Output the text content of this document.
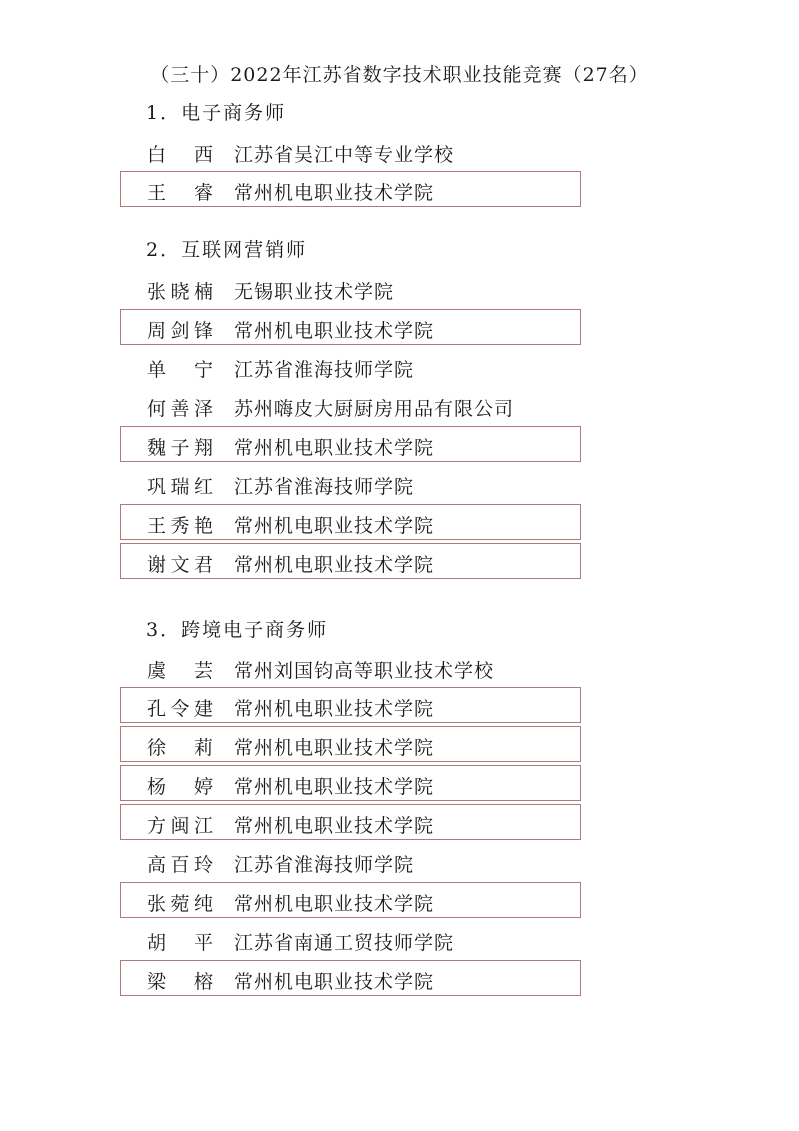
（三十）2022年江苏省数字技术职业技能竞赛（27名）
1．电子商务师
白西 江苏省吴江中等专业学校
王睿 常州机电职业技术学院
2．互联网营销师
张晓楠 无锡职业技术学院
周剑锋 常州机电职业技术学院
单宁 江苏省淮海技师学院
何善泽 苏州嗨皮大厨厨房用品有限公司
魏子翔 常州机电职业技术学院
巩瑞红 江苏省淮海技师学院
王秀艳 常州机电职业技术学院
谢文君 常州机电职业技术学院
3．跨境电子商务师
虞芸 常州刘国钧高等职业技术学校
孔令建 常州机电职业技术学院
徐莉 常州机电职业技术学院
杨婷 常州机电职业技术学院
方闽江 常州机电职业技术学院
高百玲 江苏省淮海技师学院
张菀纯 常州机电职业技术学院
胡平 江苏省南通工贸技师学院
梁榕 常州机电职业技术学院
